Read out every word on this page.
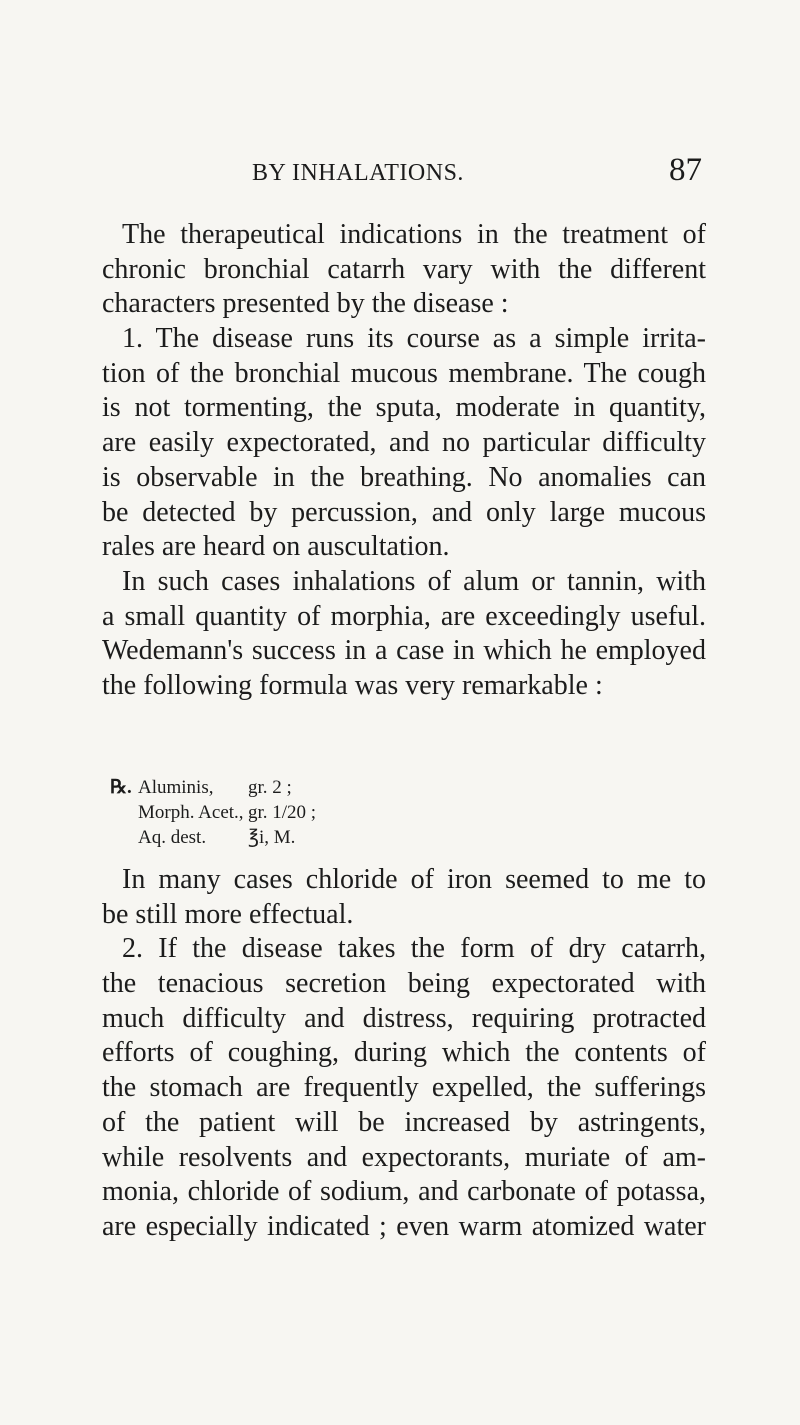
BY INHALATIONS.	87
The therapeutical indications in the treatment of
chronic bronchial catarrh vary with the different
characters presented by the disease :
1. The disease runs its course as a simple irrita-
tion of the bronchial mucous membrane. The cough
is not tormenting, the sputa, moderate in quantity,
are easily expectorated, and no particular difficulty
is observable in the breathing. No anomalies can
be detected by percussion, and only large mucous
rales are heard on auscultation.
In such cases inhalations of alum or tannin, with
a small quantity of morphia, are exceedingly useful.
Wedemann's success in a case in which he employed
the following formula was very remarkable :
℞. Aluminis, gr. 2 ;
Morph. Acet., gr. 1/20 ;
Aq. dest. ℥i, M.
In many cases chloride of iron seemed to me to
be still more effectual.
2. If the disease takes the form of dry catarrh,
the tenacious secretion being expectorated with
much difficulty and distress, requiring protracted
efforts of coughing, during which the contents of
the stomach are frequently expelled, the sufferings
of the patient will be increased by astringents,
while resolvents and expectorants, muriate of am-
monia, chloride of sodium, and carbonate of potassa,
are especially indicated ; even warm atomized water
